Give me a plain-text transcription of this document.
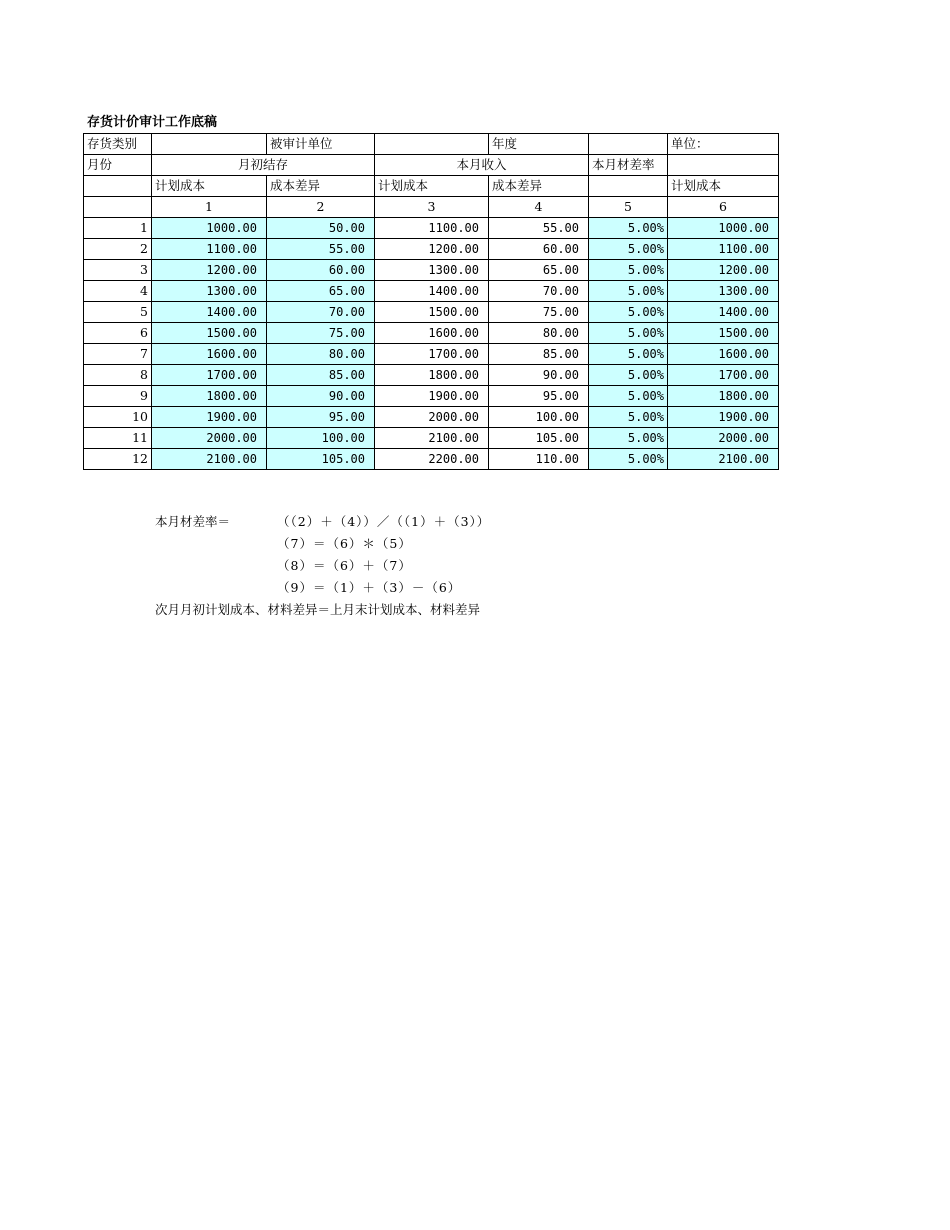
存货计价审计工作底稿
存货类别		被审计单位		年度		单位：
月份	月初结存		本月收入		本月材差率	
	计划成本	成本差异	计划成本	成本差异		计划成本
	1	2	3	4	5	6
1	1000.00	50.00	1100.00	55.00	5.00%	1000.00
2	1100.00	55.00	1200.00	60.00	5.00%	1100.00
3	1200.00	60.00	1300.00	65.00	5.00%	1200.00
4	1300.00	65.00	1400.00	70.00	5.00%	1300.00
5	1400.00	70.00	1500.00	75.00	5.00%	1400.00
6	1500.00	75.00	1600.00	80.00	5.00%	1500.00
7	1600.00	80.00	1700.00	85.00	5.00%	1600.00
8	1700.00	85.00	1800.00	90.00	5.00%	1700.00
9	1800.00	90.00	1900.00	95.00	5.00%	1800.00
10	1900.00	95.00	2000.00	100.00	5.00%	1900.00
11	2000.00	100.00	2100.00	105.00	5.00%	2000.00
12	2100.00	105.00	2200.00	110.00	5.00%	2100.00
本月材差率＝	（（2）＋（4））／（（1）＋（3））
（7）＝（6）＊（5）
（8）＝（6）＋（7）
（9）＝（1）＋（3）－（6）
次月月初计划成本、材料差异＝上月末计划成本、材料差异
